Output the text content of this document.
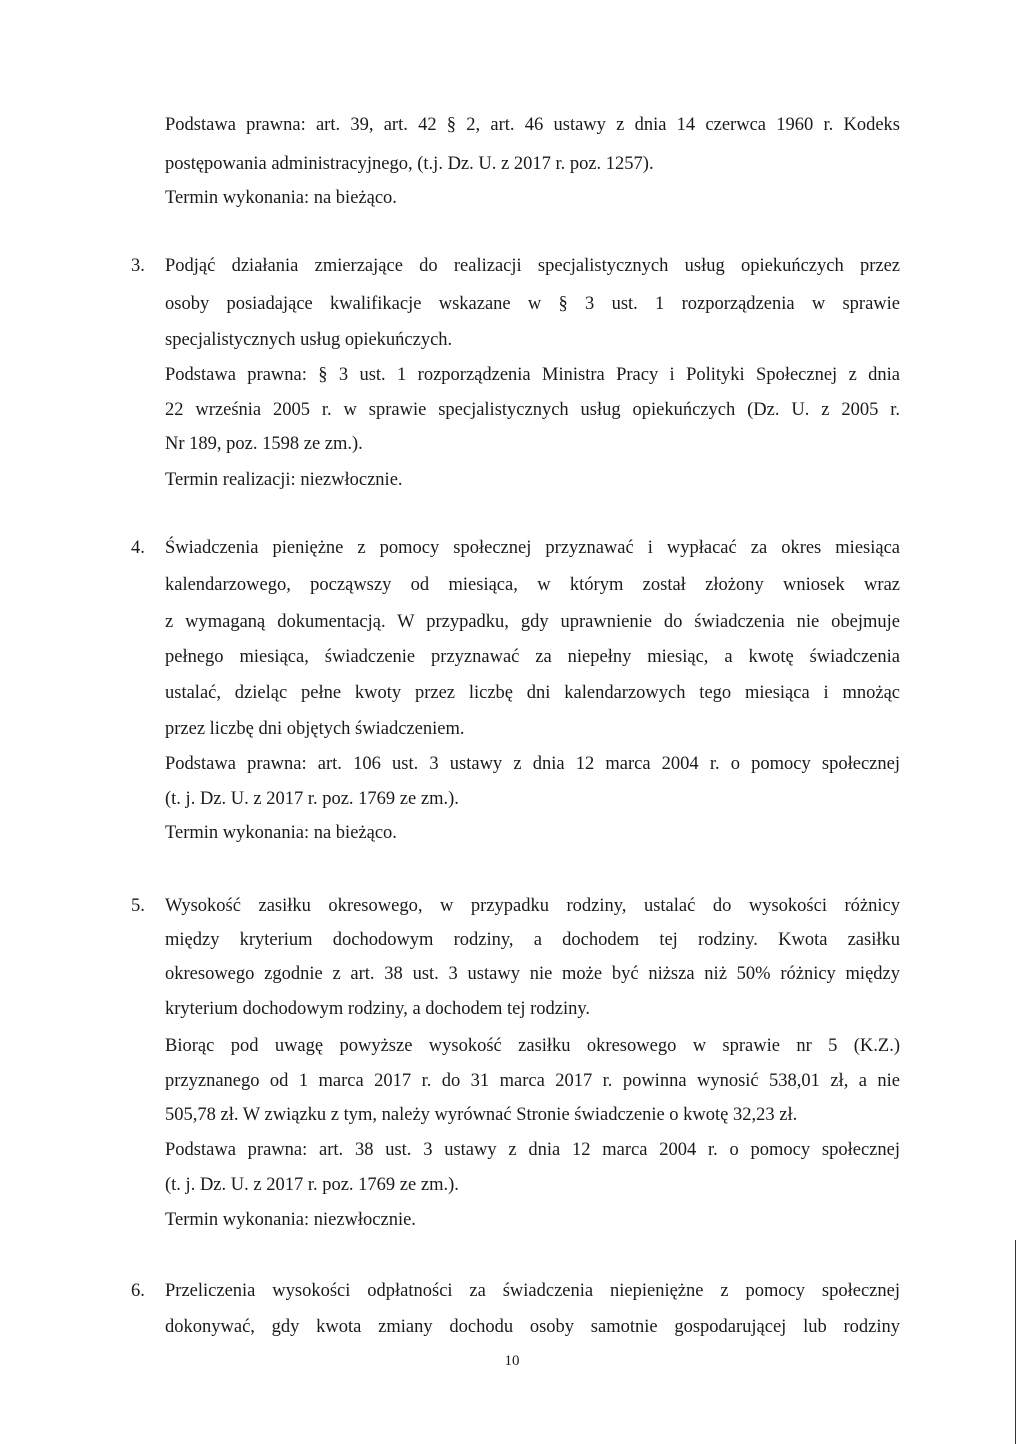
Podstawa prawna: art. 39, art. 42 § 2, art. 46 ustawy z dnia 14 czerwca 1960 r. Kodeks
postępowania administracyjnego, (t.j. Dz. U. z 2017 r. poz. 1257).
Termin wykonania: na bieżąco.
3. Podjąć działania zmierzające do realizacji specjalistycznych usług opiekuńczych przez
osoby posiadające kwalifikacje wskazane w § 3 ust. 1 rozporządzenia w sprawie
specjalistycznych usług opiekuńczych.
Podstawa prawna: § 3 ust. 1 rozporządzenia Ministra Pracy i Polityki Społecznej z dnia
22 września 2005 r. w sprawie specjalistycznych usług opiekuńczych (Dz. U. z 2005 r.
Nr 189, poz. 1598 ze zm.).
Termin realizacji: niezwłocznie.
4. Świadczenia pieniężne z pomocy społecznej przyznawać i wypłacać za okres miesiąca
kalendarzowego, począwszy od miesiąca, w którym został złożony wniosek wraz
z wymaganą dokumentacją. W przypadku, gdy uprawnienie do świadczenia nie obejmuje
pełnego miesiąca, świadczenie przyznawać za niepełny miesiąc, a kwotę świadczenia
ustalać, dzieląc pełne kwoty przez liczbę dni kalendarzowych tego miesiąca i mnożąc
przez liczbę dni objętych świadczeniem.
Podstawa prawna: art. 106 ust. 3 ustawy z dnia 12 marca 2004 r. o pomocy społecznej
(t. j. Dz. U. z 2017 r. poz. 1769 ze zm.).
Termin wykonania: na bieżąco.
5. Wysokość zasiłku okresowego, w przypadku rodziny, ustalać do wysokości różnicy
między kryterium dochodowym rodziny, a dochodem tej rodziny. Kwota zasiłku
okresowego zgodnie z art. 38 ust. 3 ustawy nie może być niższa niż 50% różnicy między
kryterium dochodowym rodziny, a dochodem tej rodziny.
Biorąc pod uwagę powyższe wysokość zasiłku okresowego w sprawie nr 5 (K.Z.)
przyznanego od 1 marca 2017 r. do 31 marca 2017 r. powinna wynosić 538,01 zł, a nie
505,78 zł. W związku z tym, należy wyrównać Stronie świadczenie o kwotę 32,23 zł.
Podstawa prawna: art. 38 ust. 3 ustawy z dnia 12 marca 2004 r. o pomocy społecznej
(t. j. Dz. U. z 2017 r. poz. 1769 ze zm.).
Termin wykonania: niezwłocznie.
6. Przeliczenia wysokości odpłatności za świadczenia niepieniężne z pomocy społecznej
dokonywać, gdy kwota zmiany dochodu osoby samotnie gospodarującej lub rodziny
10
